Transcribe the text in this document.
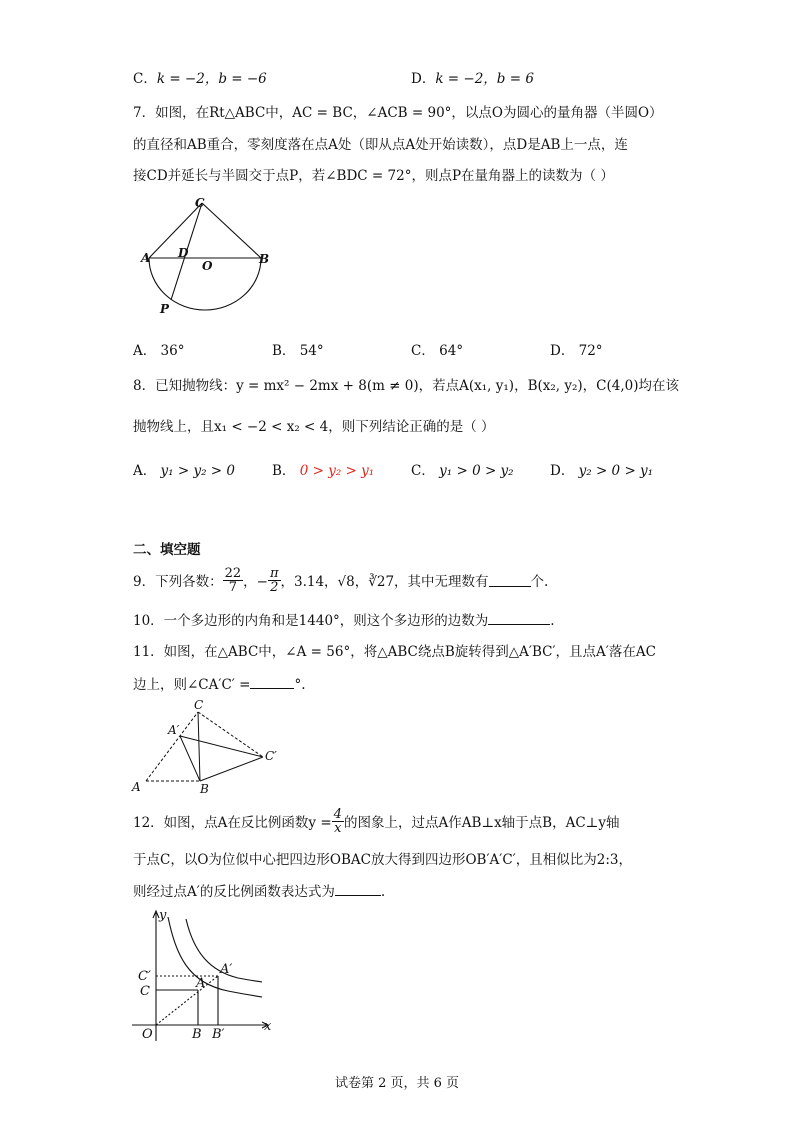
C．k = −2，b = −6	D．k = −2，b = 6
7．如图，在Rt△ABC中，AC = BC，∠ACB = 90°，以点O为圆心的量角器（半圆O）
的直径和AB重合，零刻度落在点A处（即从点A处开始读数），点D是AB上一点，连
接CD并延长与半圆交于点P，若∠BDC = 72°，则点P在量角器上的读数为（ ）
C
A D
O	B
P
A． 36°	B． 54°	C． 64°	D． 72°
8．已知抛物线：y = mx² − 2mx + 8(m ≠ 0)，若点A(x₁, y₁)，B(x₂, y₂)，C(4,0)均在该
抛物线上，且x₁ < −2 < x₂ < 4，则下列结论正确的是（ ）
A． y₁ > y₂ > 0	B． 0 > y₂ > y₁	C． y₁ > 0 > y₂	D． y₂ > 0 > y₁
二、填空题
9．下列各数： $\frac{22}{7}$ ，− $\frac{\pi}{2}$ ，3.14，√8，∛27，其中无理数有	个.
10．一个多边形的内角和是1440°，则这个多边形的边数为	.
11．如图，在△ABC中，∠A = 56°，将△ABC绕点B旋转得到△A′BC′，且点A′落在AC
边上，则∠CA′C′ =	°.
C
A′
C′
A	B
12．如图，点A在反比例函数$y = \frac{4}{x}$ 的图象上，过点A作AB⊥x轴于点B，AC⊥y轴
于点C，以O为位似中心把四边形OBAC放大得到四边形OB′A′C′，且相似比为2:3，
则经过点A′的反比例函数表达式为	.
y
x
O
C′
C
A′
A
B B′
试卷第 2 页，共 6 页
